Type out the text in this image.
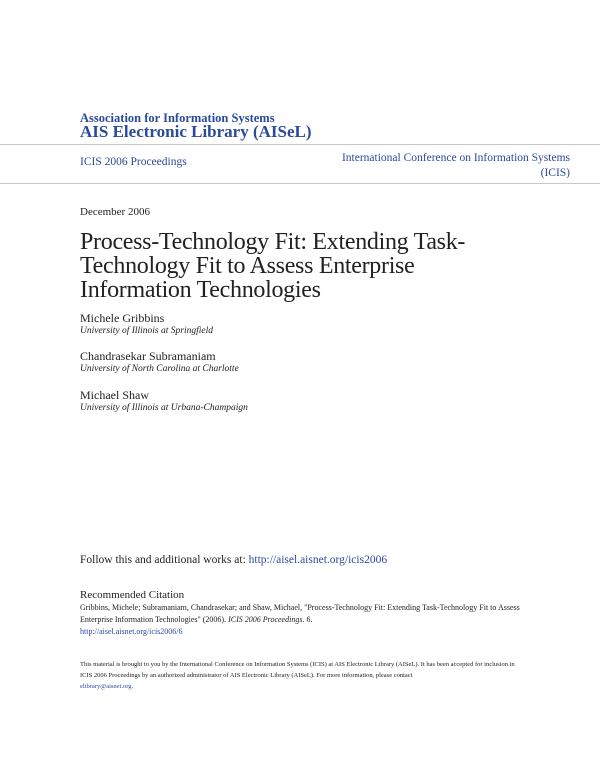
Association for Information Systems
AIS Electronic Library (AISeL)
ICIS 2006 Proceedings	International Conference on Information Systems
(ICIS)
December 2006
Process-Technology Fit: Extending Task-Technology Fit to Assess Enterprise Information Technologies
Michele Gribbins
University of Illinois at Springfield
Chandrasekar Subramaniam
University of North Carolina at Charlotte
Michael Shaw
University of Illinois at Urbana-Champaign
Follow this and additional works at: http://aisel.aisnet.org/icis2006
Recommended Citation
Gribbins, Michele; Subramaniam, Chandrasekar; and Shaw, Michael, "Process-Technology Fit: Extending Task-Technology Fit to Assess Enterprise Information Technologies" (2006). ICIS 2006 Proceedings. 6.
http://aisel.aisnet.org/icis2006/6
This material is brought to you by the International Conference on Information Systems (ICIS) at AIS Electronic Library (AISeL). It has been accepted for inclusion in ICIS 2006 Proceedings by an authorized administrator of AIS Electronic Library (AISeL). For more information, please contact
elibrary@aisnet.org.
